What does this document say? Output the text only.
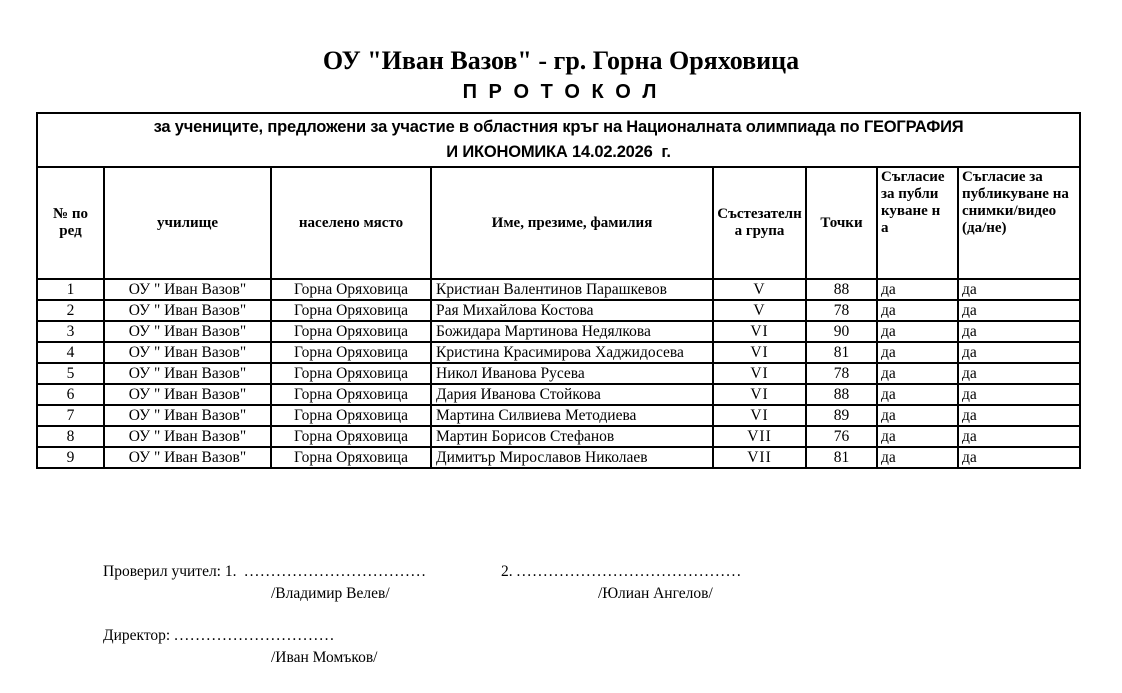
ОУ "Иван Вазов" - гр. Горна Оряховица
П Р О Т О К О Л
за учениците, предложени за участие в областния кръг на Националната олимпиада по ГЕОГРАФИЯ
И ИКОНОМИКА 14.02.2026  г.							

№ по ред	училище	населено място	Име, презиме, фамилия	Състезателна група	Точки	Съгласие за публикуване на	Съгласие за публикуване на снимки/видео (да/не)
1	ОУ " Иван Вазов"	Горна Оряховица	Кристиан Валентинов Парашкевов	V	88	да	да
2	ОУ " Иван Вазов"	Горна Оряховица	Рая Михайлова Костова	V	78	да	да
3	ОУ " Иван Вазов"	Горна Оряховица	Божидара Мартинова Недялкова	VI	90	да	да
4	ОУ " Иван Вазов"	Горна Оряховица	Кристина Красимирова Хаджидосева	VI	81	да	да
5	ОУ " Иван Вазов"	Горна Оряховица	Никол Иванова Русева	VI	78	да	да
6	ОУ " Иван Вазов"	Горна Оряховица	Дария Иванова Стойкова	VI	88	да	да
7	ОУ " Иван Вазов"	Горна Оряховица	Мартина Силвиева Методиева	VI	89	да	да
8	ОУ " Иван Вазов"	Горна Оряховица	Мартин Борисов Стефанов	VII	76	да	да
9	ОУ " Иван Вазов"	Горна Оряховица	Димитър Мирославов Николаев	VII	81	да	да
Проверил учител: 1. ..................................	2. ..........................................
/Владимир Велев/	/Юлиан Ангелов/
Директор: ..............................
/Иван Момъков/
